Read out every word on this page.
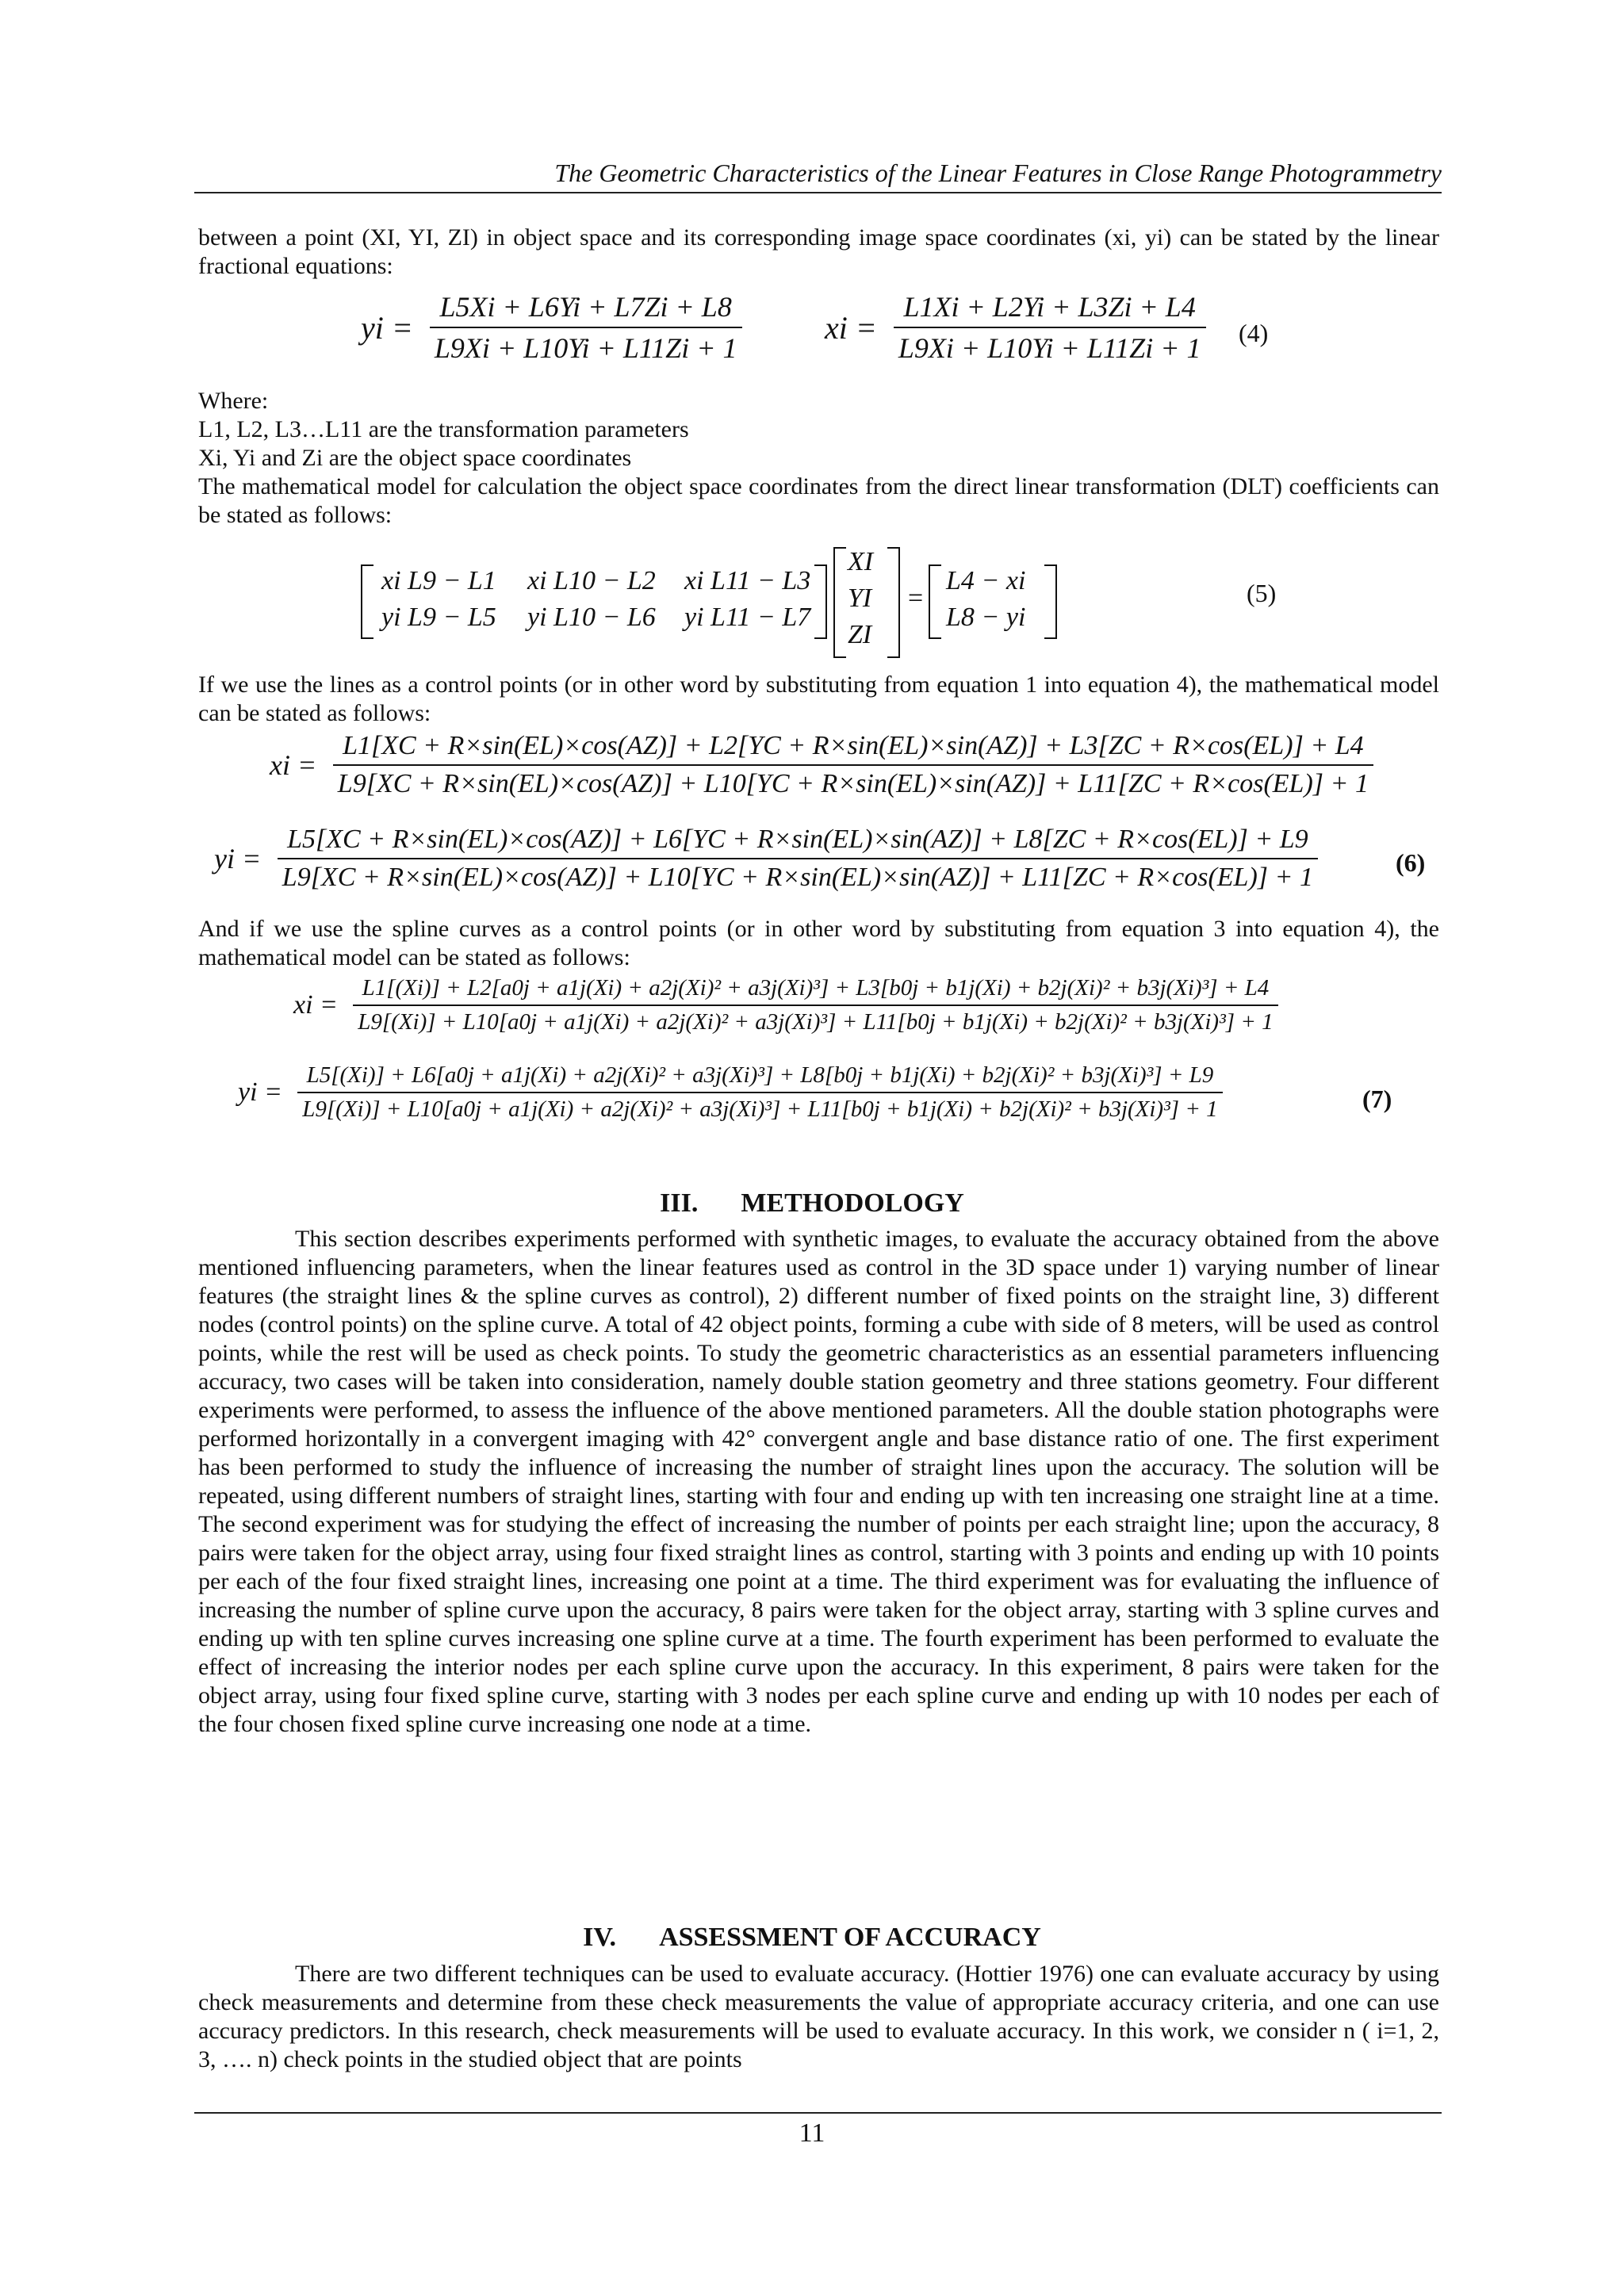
The Geometric Characteristics of the Linear Features in Close Range Photogrammetry

between a point (XI, YI, ZI) in object space and its corresponding image space coordinates (xi, yi) can be stated by the linear fractional equations:

yi = $\frac{L5Xi + L6Yi + L7Zi + L8}{L9Xi + L10Yi + L11Zi + 1}$	xi = $\frac{L1Xi + L2Yi + L3Zi + L4}{L9Xi + L10Yi + L11Zi + 1} (4)$

Where:

L1, L2, L3…L11 are the transformation parameters

Xi, Yi and Zi are the object space coordinates

The mathematical model for calculation the object space coordinates from the direct linear transformation (DLT) coefficients can be stated as follows:

xi L9 − L1 xi L10 − L2 xi L11 − L3
yi L9 − L5 yi L10 − L6 yi L11 − L7
XI
YI
ZI
=
L4 − xi
L8 − yi
(5)

If we use the lines as a control points (or in other word by substituting from equation 1 into equation 4), the mathematical model can be stated as follows:

xi =
L1[XC + R×sin(EL)×cos(AZ)] + L2[YC + R×sin(EL)×sin(AZ)] + L3[ZC + R×cos(EL)] + L4
L9[XC + R×sin(EL)×cos(AZ)] + L10[YC + R×sin(EL)×sin(AZ)] + L11[ZC + R×cos(EL)] + 1
yi =
L5[XC + R×sin(EL)×cos(AZ)] + L6[YC + R×sin(EL)×sin(AZ)] + L8[ZC + R×cos(EL)] + L9
L9[XC + R×sin(EL)×cos(AZ)] + L10[YC + R×sin(EL)×sin(AZ)] + L11[ZC + R×cos(EL)] + 1	(6)

And if we use the spline curves as a control points (or in other word by substituting from equation 3 into equation 4), the mathematical model can be stated as follows:

xi =
L1[(Xi)] + L2[a0j + a1j(Xi) + a2j(Xi)² + a3j(Xi)³] + L3[b0j + b1j(Xi) + b2j(Xi)² + b3j(Xi)³] + L4
L9[(Xi)] + L10[a0j + a1j(Xi) + a2j(Xi)² + a3j(Xi)³] + L11[b0j + b1j(Xi) + b2j(Xi)² + b3j(Xi)³] + 1
yi =
L5[(Xi)] + L6[a0j + a1j(Xi) + a2j(Xi)² + a3j(Xi)³] + L8[b0j + b1j(Xi) + b2j(Xi)² + b3j(Xi)³] + L9
L9[(Xi)] + L10[a0j + a1j(Xi) + a2j(Xi)² + a3j(Xi)³] + L11[b0j + b1j(Xi) + b2j(Xi)² + b3j(Xi)³] + 1	(7)
III. METHODOLOGY

This section describes experiments performed with synthetic images, to evaluate the accuracy obtained from the above mentioned influencing parameters, when the linear features used as control in the 3D space under 1) varying number of linear features (the straight lines & the spline curves as control), 2) different number of fixed points on the straight line, 3) different nodes (control points) on the spline curve. A total of 42 object points, forming a cube with side of 8 meters, will be used as control points, while the rest will be used as check points. To study the geometric characteristics as an essential parameters influencing accuracy, two cases will be taken into consideration, namely double station geometry and three stations geometry. Four different experiments were performed, to assess the influence of the above mentioned parameters. All the double station photographs were performed horizontally in a convergent imaging with 42° convergent angle and base distance ratio of one. The first experiment has been performed to study the influence of increasing the number of straight lines upon the accuracy. The solution will be repeated, using different numbers of straight lines, starting with four and ending up with ten increasing one straight line at a time. The second experiment was for studying the effect of increasing the number of points per each straight line; upon the accuracy, 8 pairs were taken for the object array, using four fixed straight lines as control, starting with 3 points and ending up with 10 points per each of the four fixed straight lines, increasing one point at a time. The third experiment was for evaluating the influence of increasing the number of spline curve upon the accuracy, 8 pairs were taken for the object array, starting with 3 spline curves and ending up with ten spline curves increasing one spline curve at a time. The fourth experiment has been performed to evaluate the effect of increasing the interior nodes per each spline curve upon the accuracy. In this experiment, 8 pairs were taken for the object array, using four fixed spline curve, starting with 3 nodes per each spline curve and ending up with 10 nodes per each of the four chosen fixed spline curve increasing one node at a time.

IV. ASSESSMENT OF ACCURACY

There are two different techniques can be used to evaluate accuracy. (Hottier 1976) one can evaluate accuracy by using check measurements and determine from these check measurements the value of appropriate accuracy criteria, and one can use accuracy predictors. In this research, check measurements will be used to evaluate accuracy. In this work, we consider n ( i=1, 2, 3, …. n) check points in the studied object that are points

11
